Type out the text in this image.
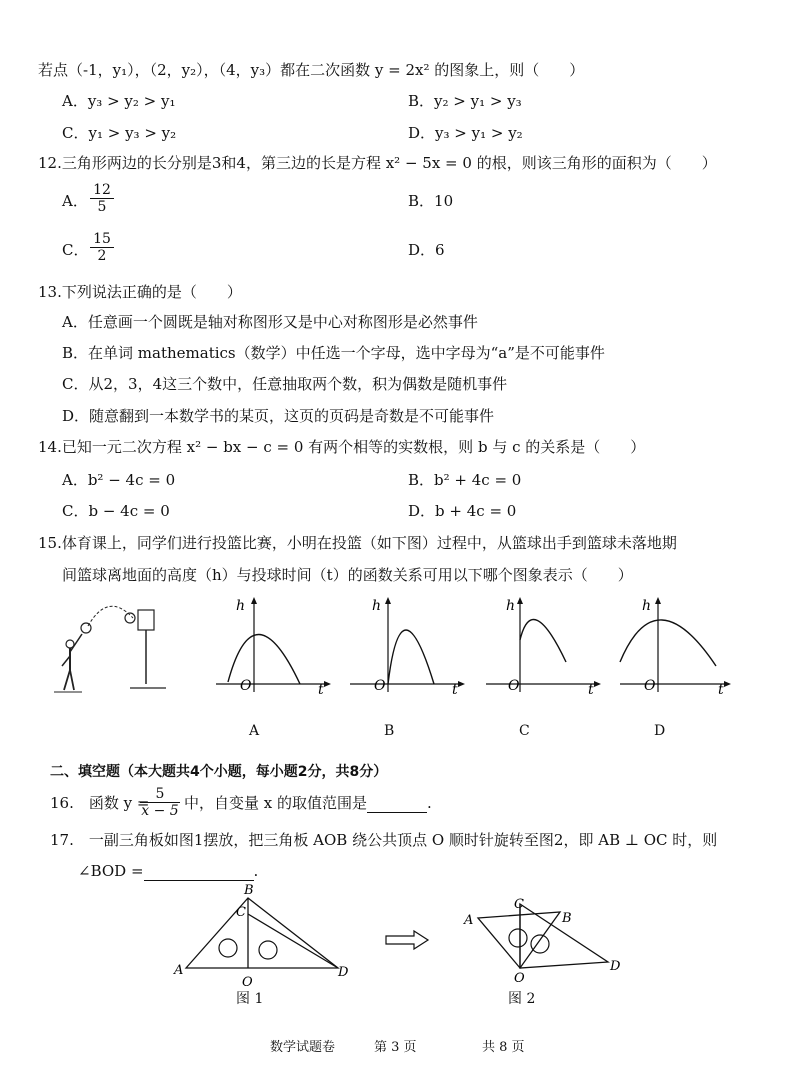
若点（-1，y₁），（2，y₂），（4，y₃）都在二次函数 y = 2x² 的图象上，则（　　）
A．y₃ > y₂ > y₁	B．y₂ > y₁ > y₃
C．y₁ > y₃ > y₂	D．y₃ > y₁ > y₂
12.三角形两边的长分别是3和4，第三边的长是方程 x² − 5x = 0 的根，则该三角形的面积为（　　）
A． $\frac{12}{5}$	B．10
C． $\frac{15}{2}$	D．6
13.下列说法正确的是（　　）
A．任意画一个圆既是轴对称图形又是中心对称图形是必然事件
B．在单词 mathematics（数学）中任选一个字母，选中字母为“a”是不可能事件
C．从2，3，4这三个数中，任意抽取两个数，积为偶数是随机事件
D．随意翻到一本数学书的某页，这页的页码是奇数是不可能事件
14.已知一元二次方程 x² − bx − c = 0 有两个相等的实数根，则 b 与 c 的关系是（　　）
A．b² − 4c = 0	B．b² + 4c = 0
C．b − 4c = 0	D．b + 4c = 0
15.体育课上，同学们进行投篮比赛，小明在投篮（如下图）过程中，从篮球出手到篮球未落地期
间篮球离地面的高度（h）与投球时间（t）的函数关系可用以下哪个图象表示（　　）
h
t
O
A
h
t
O
B
h
t
O
C
h
t
O
D
二、填空题（本大题共4个小题，每小题2分，共8分）
16.　函数 y =
$\frac{5}{x - 5}$ 中，自变量 x 的取值范围是	.
17.　一副三角板如图1摆放，把三角板 AOB 绕公共顶点 O 顺时针旋转至图2，即 AB ⊥ OC 时，则
∠BOD =	.
A
B
C
D
O
图 1
A	B
C
D
O
图 2
数学试题卷	第 3 页	共 8 页
